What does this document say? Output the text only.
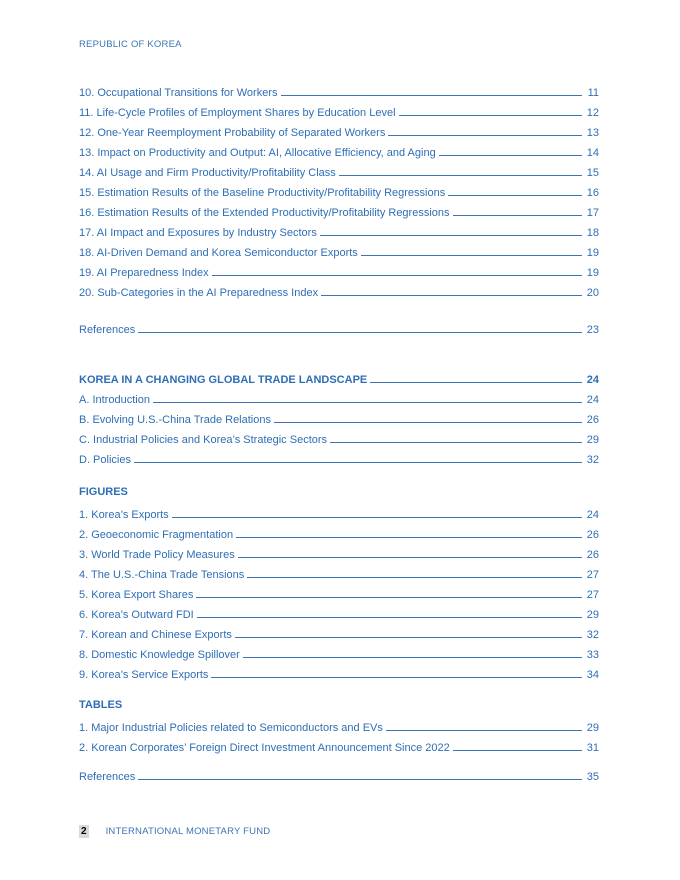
REPUBLIC OF KOREA
10. Occupational Transitions for Workers	11
11. Life-Cycle Profiles of Employment Shares by Education Level	12
12. One-Year Reemployment Probability of Separated Workers	13
13. Impact on Productivity and Output: AI, Allocative Efficiency, and Aging	14
14. AI Usage and Firm Productivity/Profitability Class	15
15. Estimation Results of the Baseline Productivity/Profitability Regressions	16
16. Estimation Results of the Extended Productivity/Profitability Regressions	17
17. AI Impact and Exposures by Industry Sectors	18
18. AI-Driven Demand and Korea Semiconductor Exports	19
19. AI Preparedness Index	19
20. Sub-Categories in the AI Preparedness Index	20
References	23
KOREA IN A CHANGING GLOBAL TRADE LANDSCAPE	24
A. Introduction	24
B. Evolving U.S.-China Trade Relations	26
C. Industrial Policies and Korea’s Strategic Sectors	29
D. Policies	32
FIGURES
1. Korea’s Exports	24
2. Geoeconomic Fragmentation	26
3. World Trade Policy Measures	26
4. The U.S.-China Trade Tensions	27
5. Korea Export Shares	27
6. Korea’s Outward FDI	29
7. Korean and Chinese Exports	32
8. Domestic Knowledge Spillover	33
9. Korea’s Service Exports	34
TABLES
1. Major Industrial Policies related to Semiconductors and EVs	29
2. Korean Corporates’ Foreign Direct Investment Announcement Since 2022	31
References	35
2 INTERNATIONAL MONETARY FUND
